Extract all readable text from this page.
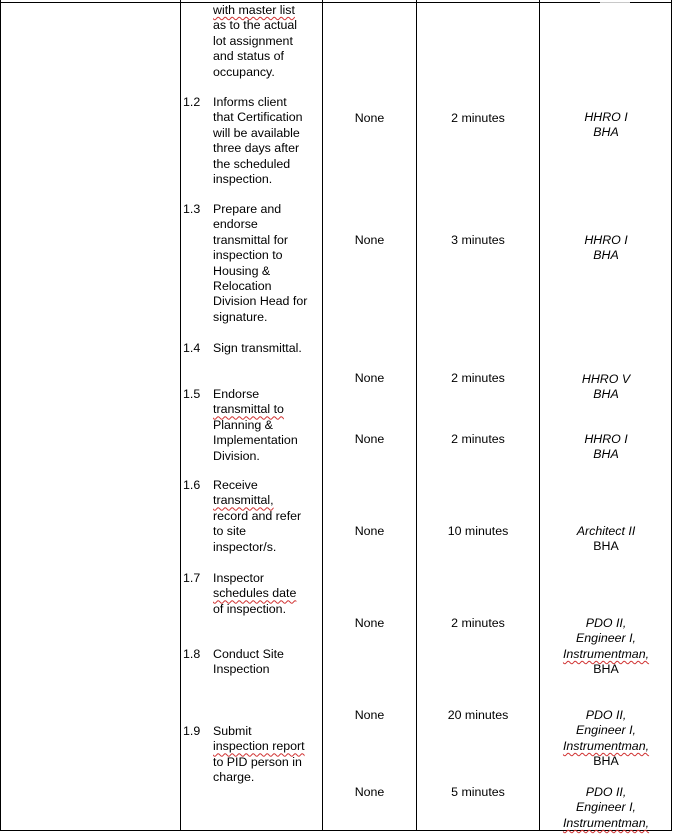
with master list
as to the actual
lot assignment
and status of
occupancy.
1.2 Informs client
that Certification
will be available
three days after
the scheduled
inspection.
1.3 Prepare and
endorse
transmittal for
inspection to
Housing &
Relocation
Division Head for
signature.
1.4 Sign transmittal.
1.5 Endorse
transmittal to
Planning &
Implementation
Division.
1.6 Receive
transmittal,
record and refer
to site
inspector/s.
1.7 Inspector
schedules date
of inspection.
1.8 Conduct Site
Inspection
1.9 Submit
inspection report
to PID person in
charge.
None
None
None
None
None
None
None
None
2 minutes
3 minutes
2 minutes
2 minutes
10 minutes
2 minutes
20 minutes
5 minutes
HHRO I
BHA
HHRO I
BHA
HHRO V
BHA
HHRO I
BHA
Architect II
BHA
PDO II,
Engineer I,
Instrumentman,
BHA
PDO II,
Engineer I,
Instrumentman,
BHA
PDO II,
Engineer I,
Instrumentman,
